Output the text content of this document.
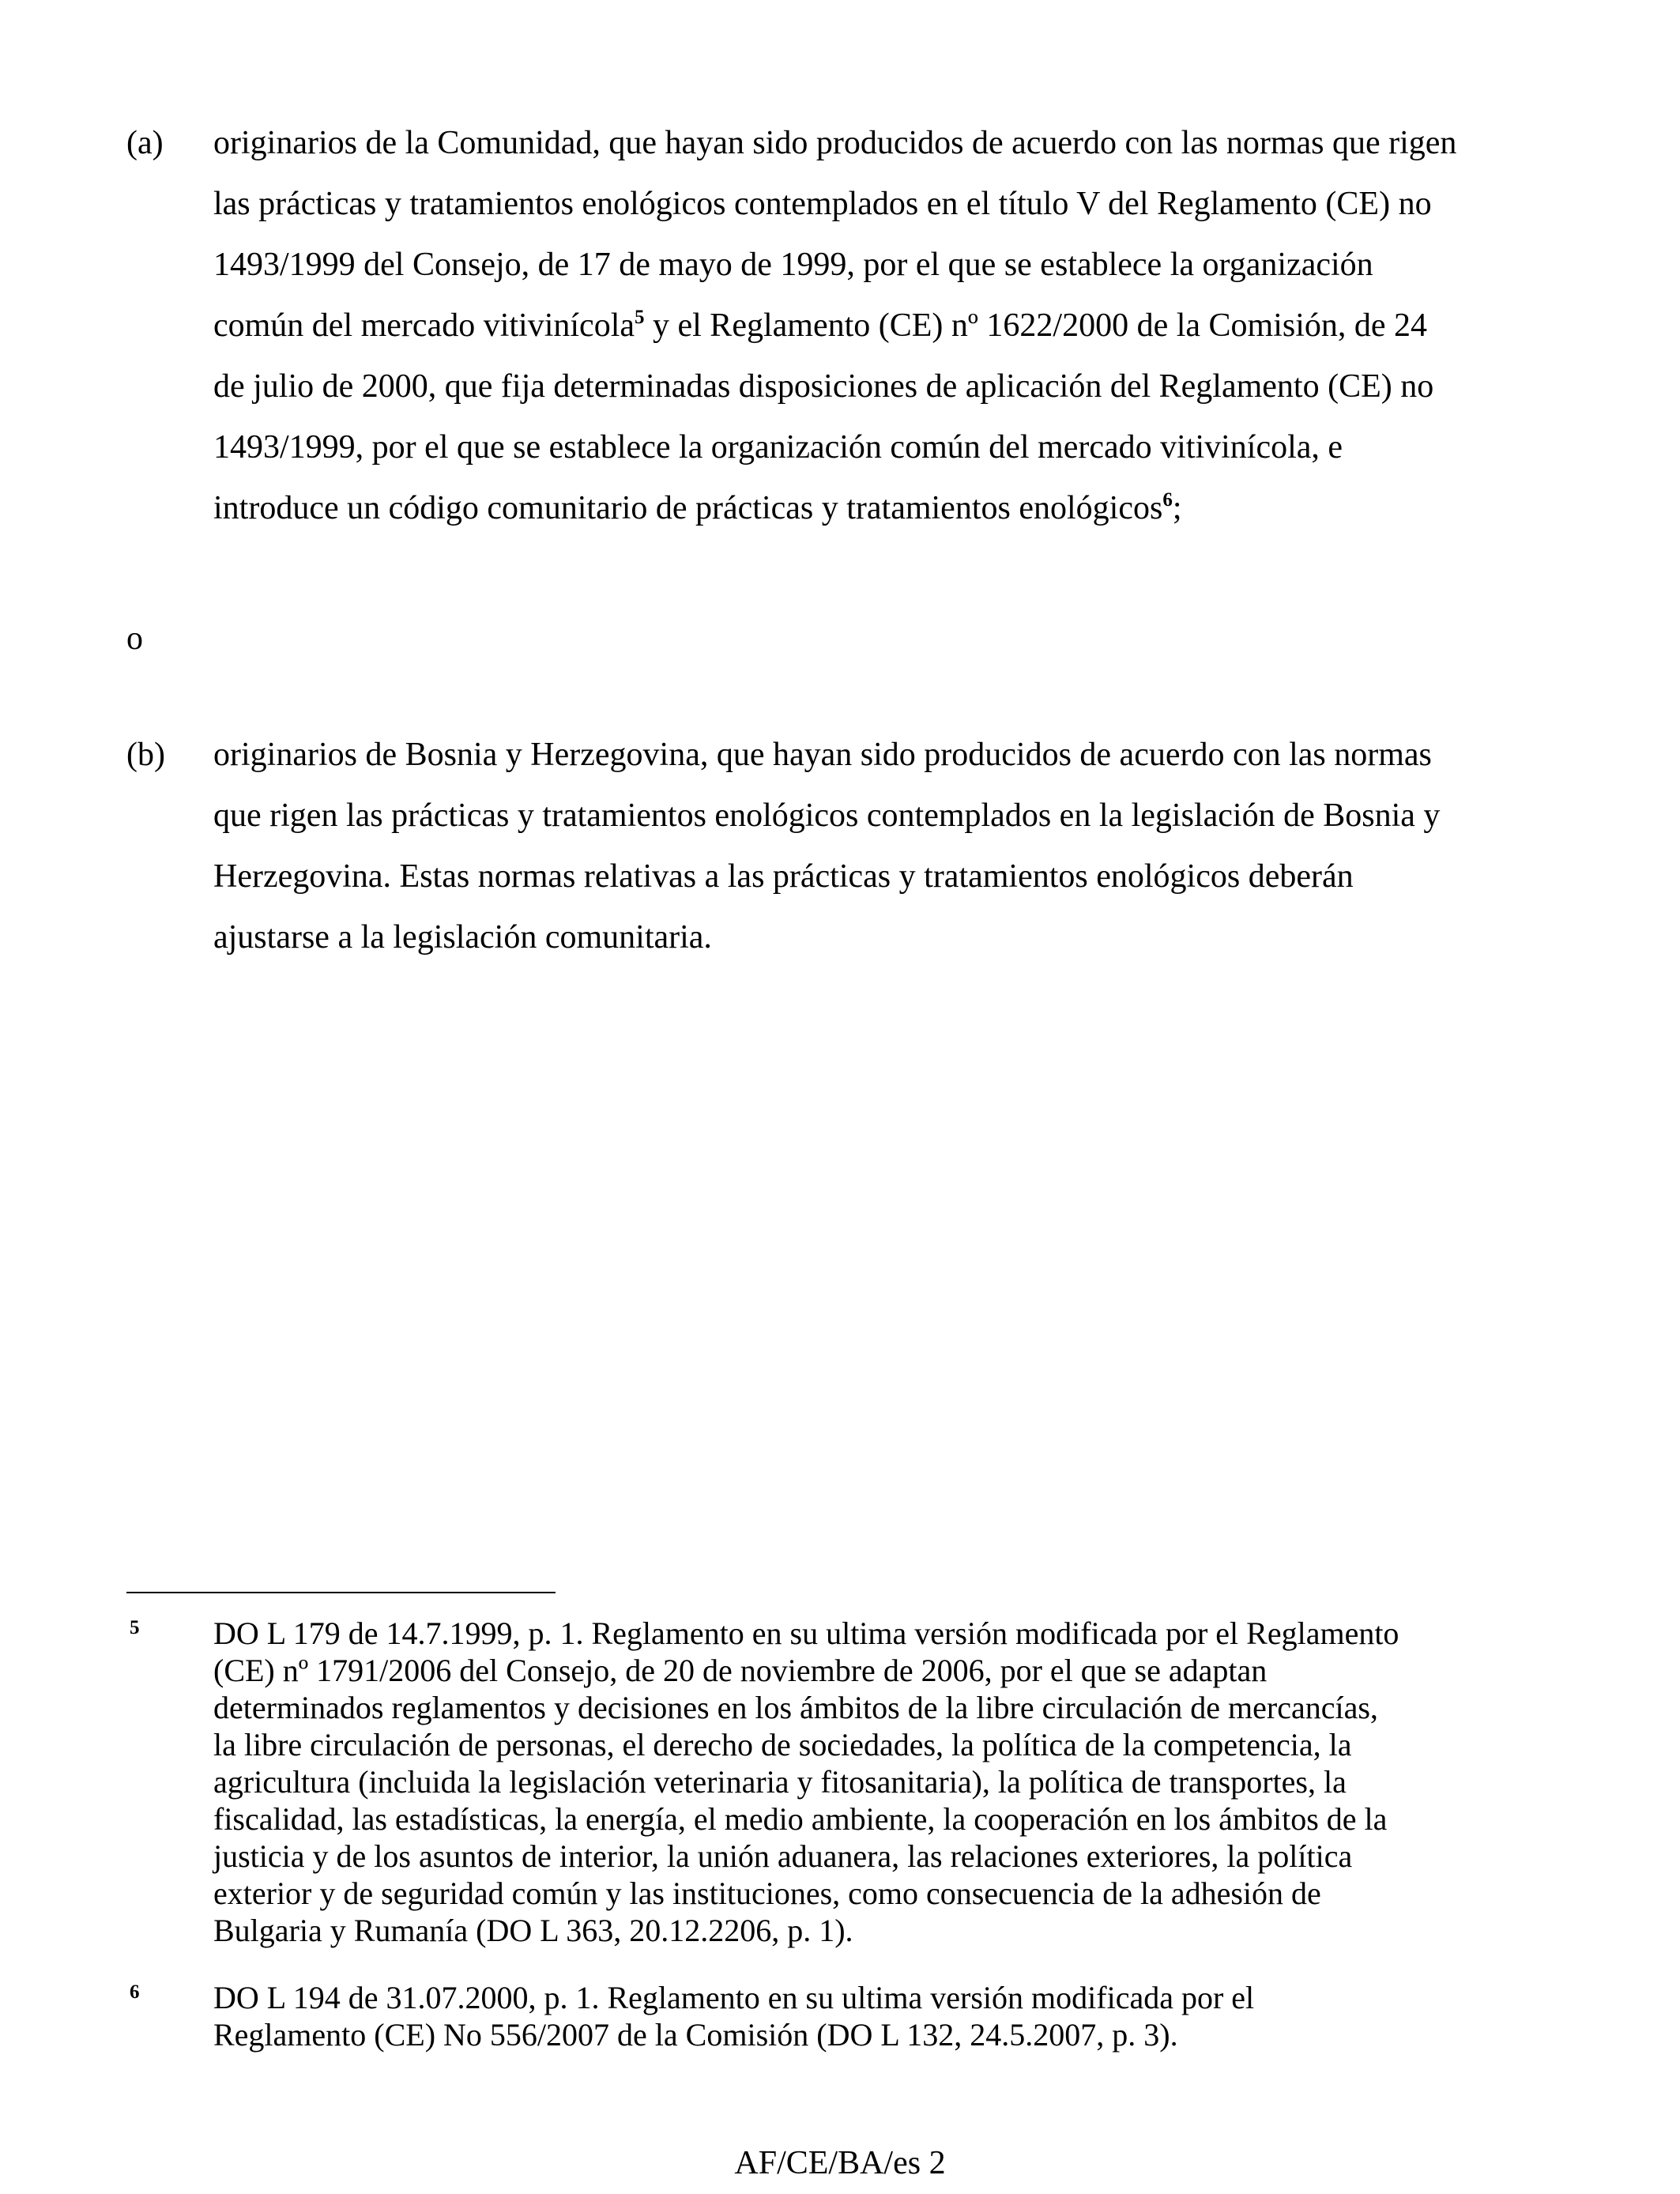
(a) originarios de la Comunidad, que hayan sido producidos de acuerdo con las normas que rigen
las prácticas y tratamientos enológicos contemplados en el título V del Reglamento (CE) no
1493/1999 del Consejo, de 17 de mayo de 1999, por el que se establece la organización
común del mercado vitivinícola$^5$ y el Reglamento (CE) nº 1622/2000 de la Comisión, de 24
de julio de 2000, que fija determinadas disposiciones de aplicación del Reglamento (CE) no
1493/1999, por el que se establece la organización común del mercado vitivinícola, e
introduce un código comunitario de prácticas y tratamientos enológicos$^6$;
o
(b) originarios de Bosnia y Herzegovina, que hayan sido producidos de acuerdo con las normas
que rigen las prácticas y tratamientos enológicos contemplados en la legislación de Bosnia y
Herzegovina. Estas normas relativas a las prácticas y tratamientos enológicos deberán
ajustarse a la legislación comunitaria.
5 DO L 179 de 14.7.1999, p. 1. Reglamento en su ultima versión modificada por el Reglamento
(CE) nº 1791/2006 del Consejo, de 20 de noviembre de 2006, por el que se adaptan
determinados reglamentos y decisiones en los ámbitos de la libre circulación de mercancías,
la libre circulación de personas, el derecho de sociedades, la política de la competencia, la
agricultura (incluida la legislación veterinaria y fitosanitaria), la política de transportes, la
fiscalidad, las estadísticas, la energía, el medio ambiente, la cooperación en los ámbitos de la
justicia y de los asuntos de interior, la unión aduanera, las relaciones exteriores, la política
exterior y de seguridad común y las instituciones, como consecuencia de la adhesión de
Bulgaria y Rumanía (DO L 363, 20.12.2206, p. 1).
6 DO L 194 de 31.07.2000, p. 1. Reglamento en su ultima versión modificada por el
Reglamento (CE) No 556/2007 de la Comisión (DO L 132, 24.5.2007, p. 3).
AF/CE/BA/es 2
